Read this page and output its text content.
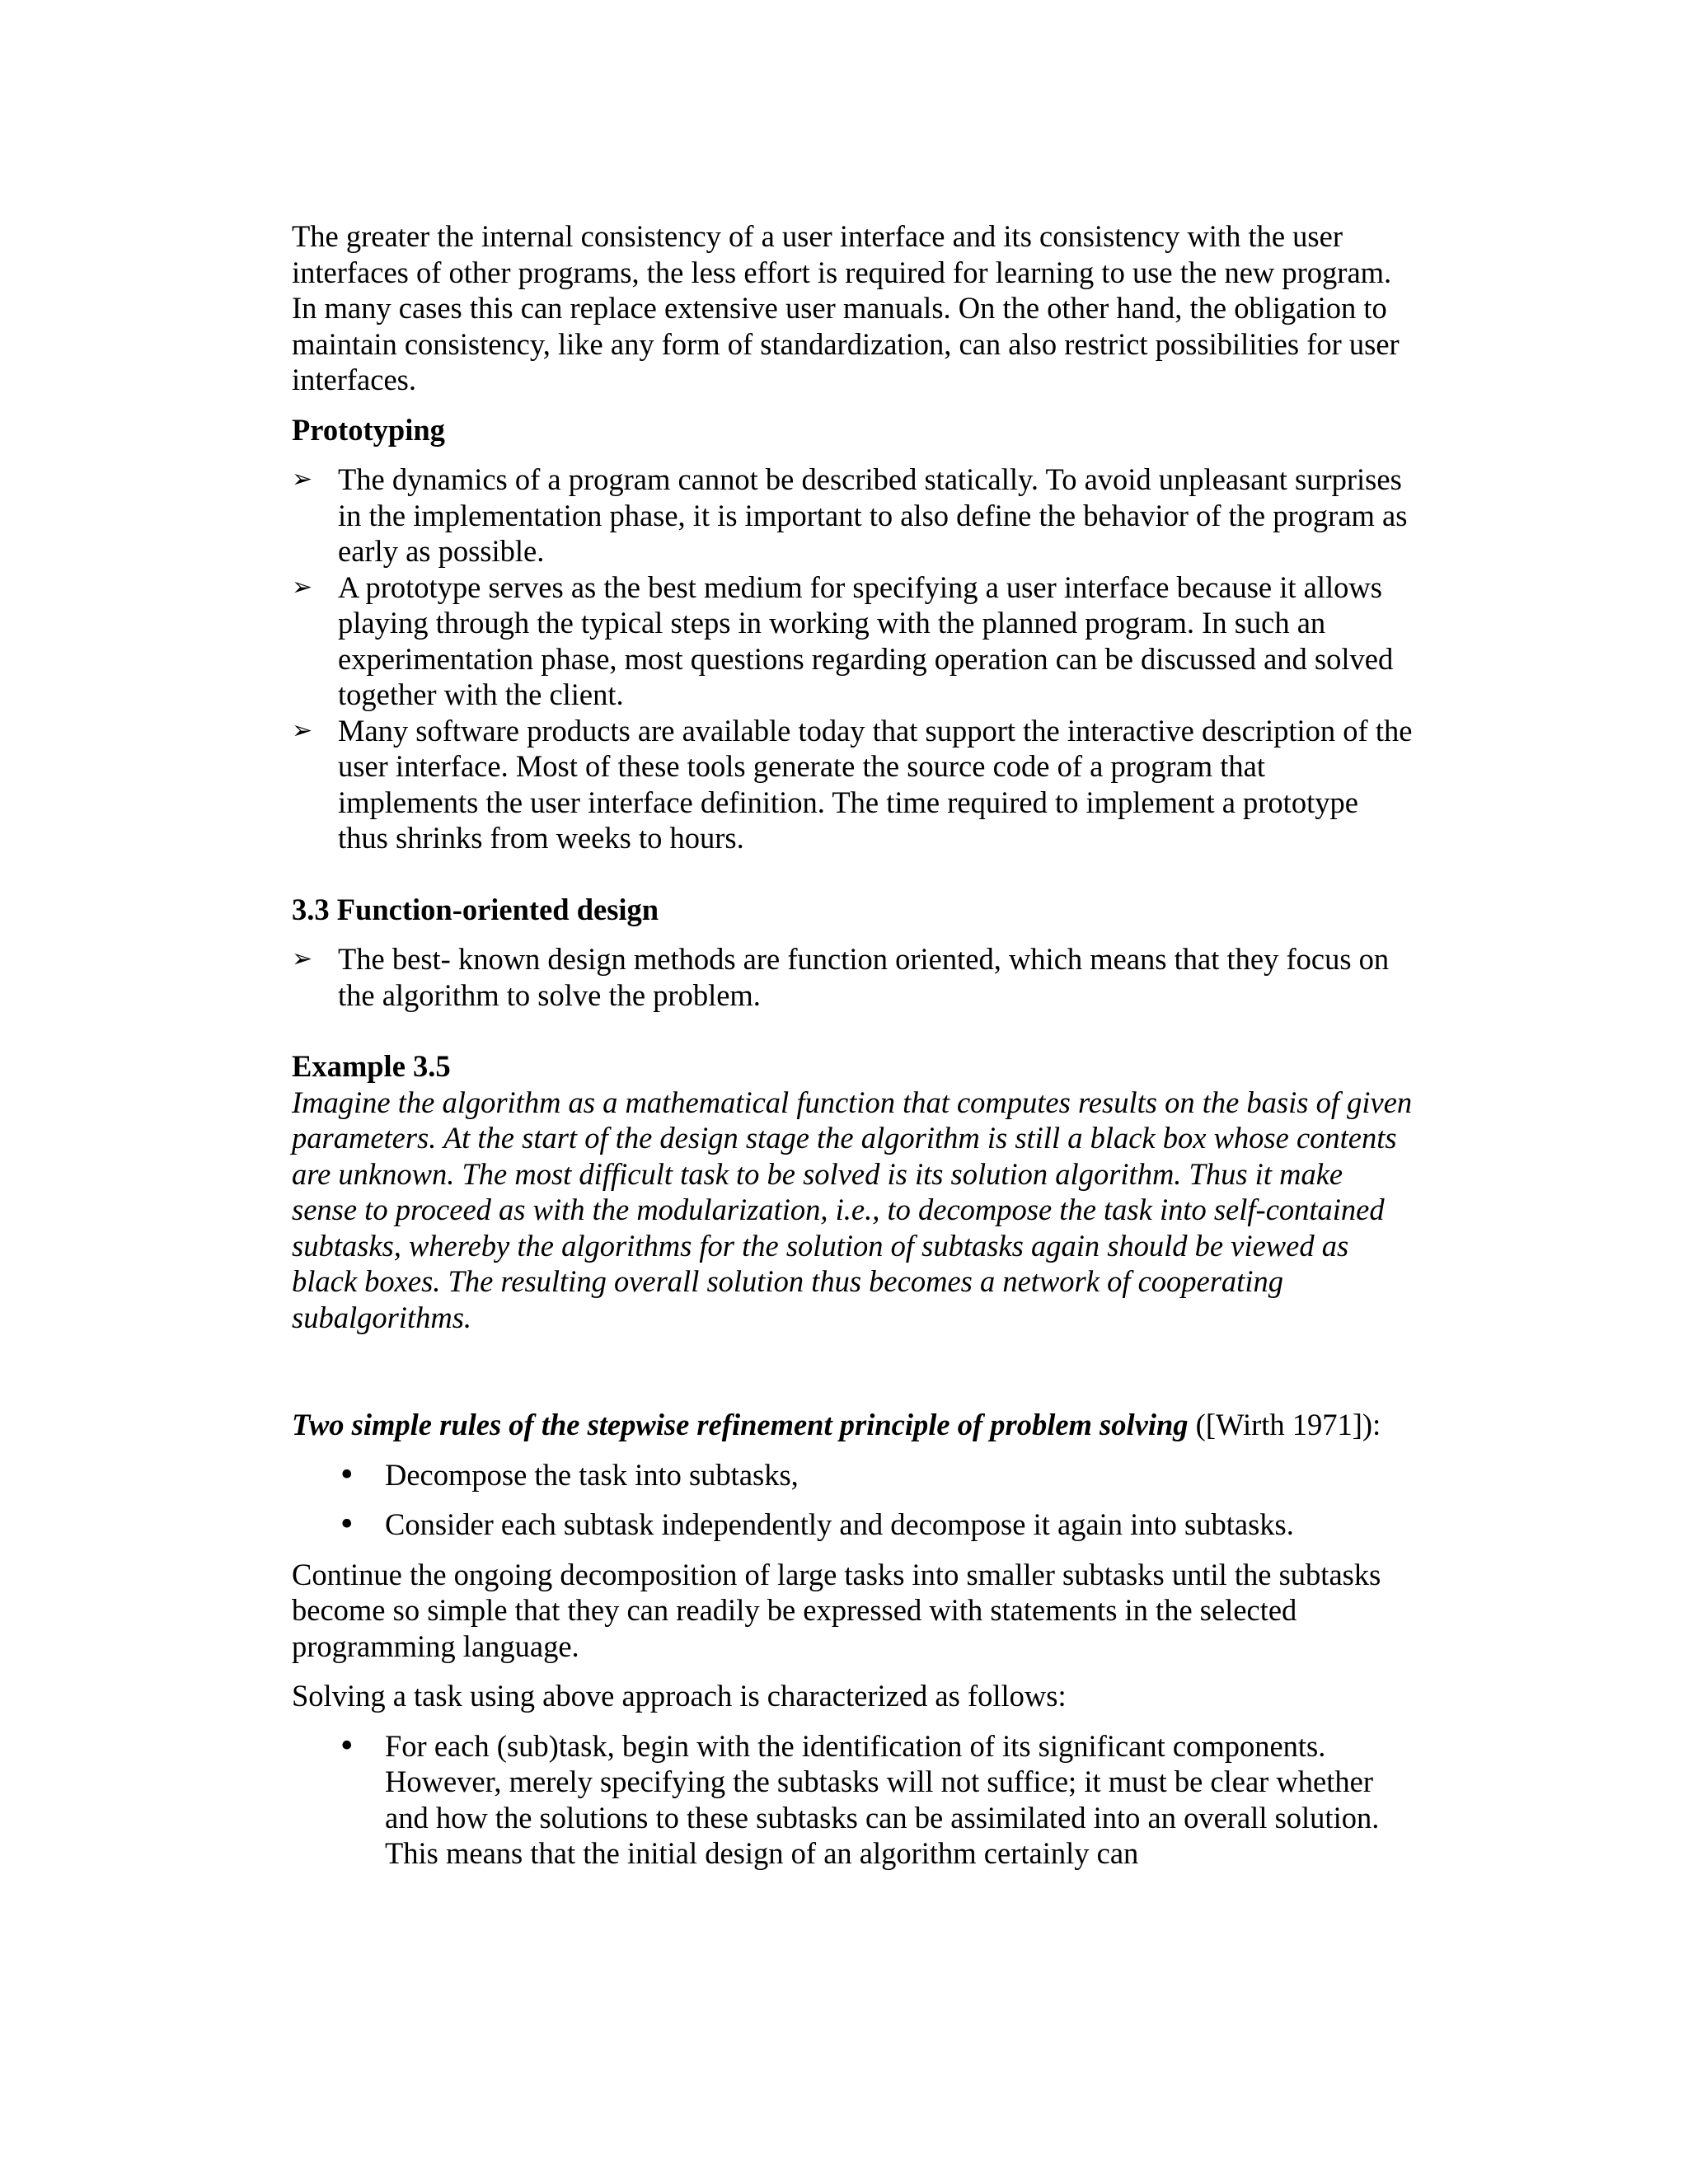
The greater the internal consistency of a user interface and its consistency with the user interfaces of other programs, the less effort is required for learning to use the new program. In many cases this can replace extensive user manuals. On the other hand, the obligation to maintain consistency, like any form of standardization, can also restrict possibilities for user interfaces.

Prototyping

➢ The dynamics of a program cannot be described statically. To avoid unpleasant surprises in the implementation phase, it is important to also define the behavior of the program as early as possible.
➢ A prototype serves as the best medium for specifying a user interface because it allows playing through the typical steps in working with the planned program. In such an experimentation phase, most questions regarding operation can be discussed and solved together with the client.
➢ Many software products are available today that support the interactive description of the user interface. Most of these tools generate the source code of a program that implements the user interface definition. The time required to implement a prototype thus shrinks from weeks to hours.

3.3 Function-oriented design

➢ The best- known design methods are function oriented, which means that they focus on the algorithm to solve the problem.

Example 3.5

Imagine the algorithm as a mathematical function that computes results on the basis of given parameters. At the start of the design stage the algorithm is still a black box whose contents are unknown. The most difficult task to be solved is its solution algorithm. Thus it make sense to proceed as with the modularization, i.e., to decompose the task into self-contained subtasks, whereby the algorithms for the solution of subtasks again should be viewed as black boxes. The resulting overall solution thus becomes a network of cooperating subalgorithms.

Two simple rules of the stepwise refinement principle of problem solving ([Wirth 1971]):

• Decompose the task into subtasks,
• Consider each subtask independently and decompose it again into subtasks.

Continue the ongoing decomposition of large tasks into smaller subtasks until the subtasks become so simple that they can readily be expressed with statements in the selected programming language.

Solving a task using above approach is characterized as follows:

• For each (sub)task, begin with the identification of its significant components. However, merely specifying the subtasks will not suffice; it must be clear whether and how the solutions to these subtasks can be assimilated into an overall solution. This means that the initial design of an algorithm certainly can
